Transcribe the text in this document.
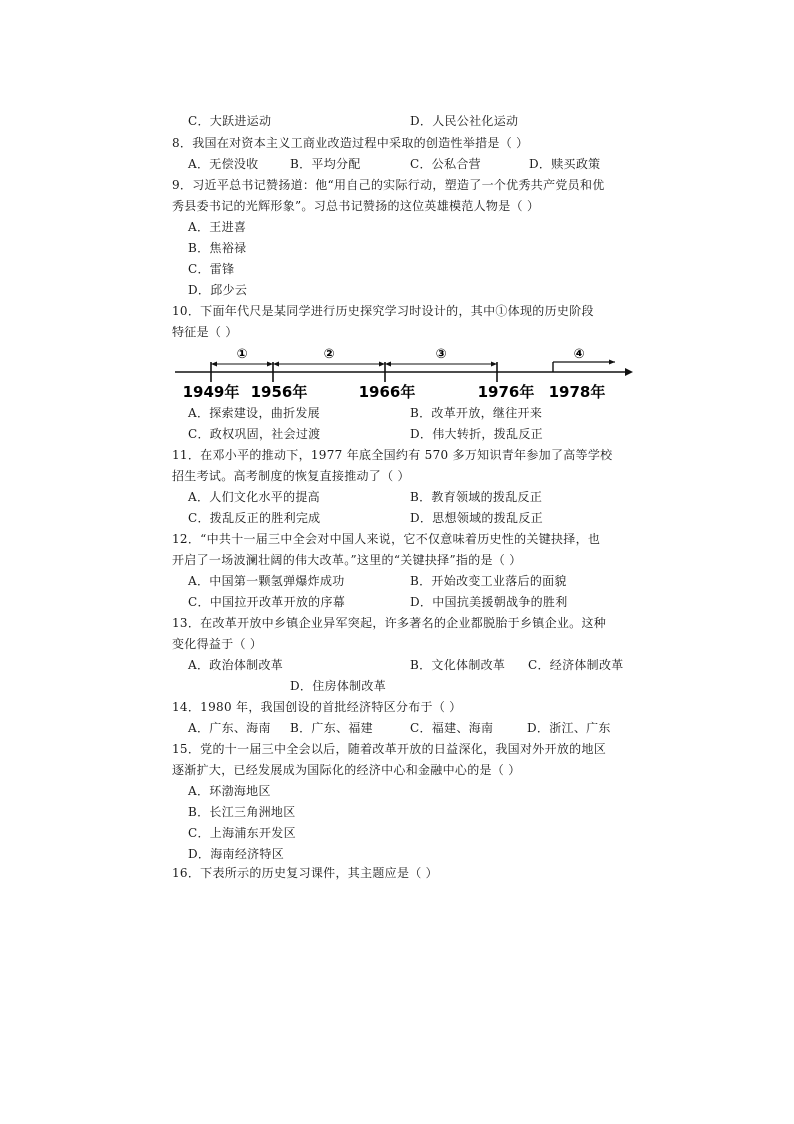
C．大跃进运动	D．人民公社化运动
8．我国在对资本主义工商业改造过程中采取的创造性举措是（ ）
A．无偿没收	B．平均分配	C．公私合营	D．赎买政策
9．习近平总书记赞扬道：他“用自己的实际行动，塑造了一个优秀共产党员和优
秀县委书记的光辉形象”。习总书记赞扬的这位英雄模范人物是（ ）
A．王进喜
B．焦裕禄
C．雷锋
D．邱少云
10．下面年代尺是某同学进行历史探究学习时设计的，其中①体现的历史阶段
特征是（ ）
①	②	③	④
1949年 1956年	1966年	1976年 1978年
A．探索建设，曲折发展	B．改革开放，继往开来
C．政权巩固，社会过渡	D．伟大转折，拨乱反正
11．在邓小平的推动下，1977 年底全国约有 570 多万知识青年参加了高等学校
招生考试。高考制度的恢复直接推动了（ ）
A．人们文化水平的提高	B．教育领域的拨乱反正
C．拨乱反正的胜利完成	D．思想领域的拨乱反正
12．“中共十一届三中全会对中国人来说，它不仅意味着历史性的关键抉择，也
开启了一场波澜壮阔的伟大改革。”这里的“关键抉择”指的是（ ）
A．中国第一颗氢弹爆炸成功	B．开始改变工业落后的面貌
C．中国拉开改革开放的序幕	D．中国抗美援朝战争的胜利
13．在改革开放中乡镇企业异军突起，许多著名的企业都脱胎于乡镇企业。这种
变化得益于（ ）
A．政治体制改革	B．文化体制改革 C．经济体制改革
D．住房体制改革
14．1980 年，我国创设的首批经济特区分布于（ ）
A．广东、海南 B．广东、福建	C．福建、海南	D．浙江、广东
15．党的十一届三中全会以后，随着改革开放的日益深化，我国对外开放的地区
逐渐扩大，已经发展成为国际化的经济中心和金融中心的是（ ）
A．环渤海地区
B．长江三角洲地区
C．上海浦东开发区
D．海南经济特区
16．下表所示的历史复习课件，其主题应是（ ）
